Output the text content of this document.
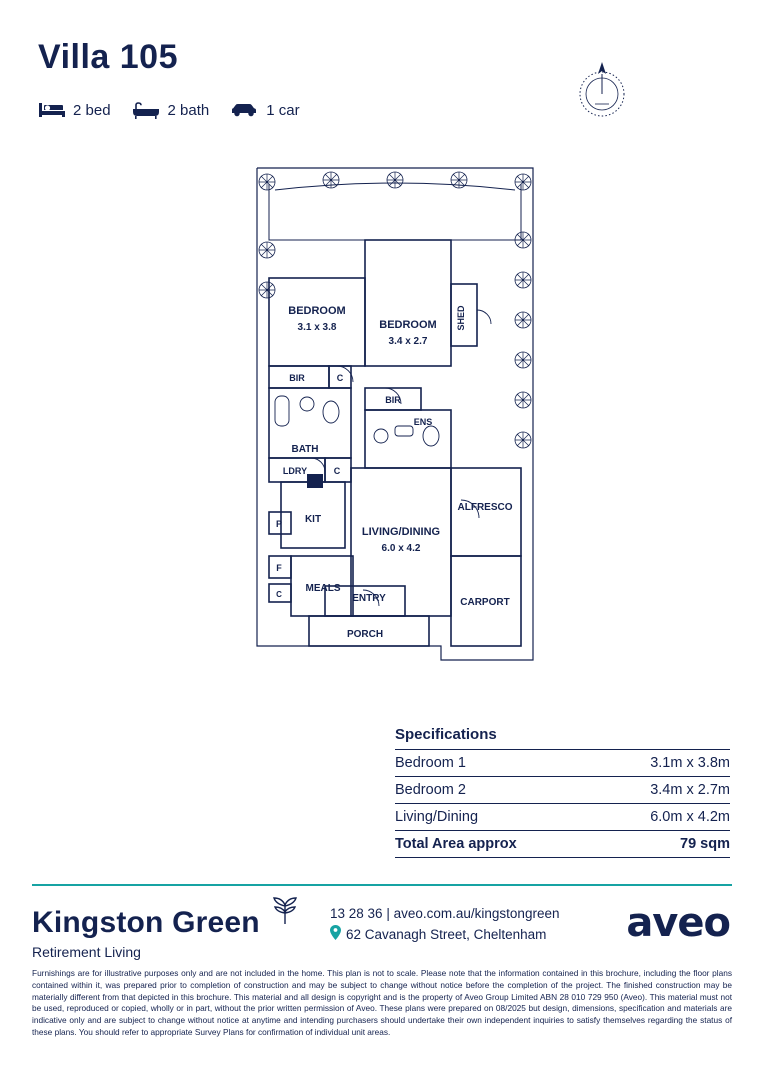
Villa 105
2 bed	2 bath	1 car
BEDROOM
3.1 x 3.8	BEDROOM
3.4 x 2.7
SHED
BIR	C
BIR
ENS
BATH
LDRY	C
KIT
P
F
C
MEALS
LIVING/DINING
6.0 x 4.2
ENTRY
PORCH
ALFRESCO
CARPORT
Specifications
Bedroom 1	3.1m x 3.8m
Bedroom 2	3.4m x 2.7m
Living/Dining	6.0m x 4.2m
Total Area approx	79 sqm
Kingston Green
Retirement Living
13 28 36 | aveo.com.au/kingstongreen
62 Cavanagh Street, Cheltenham aveo
Furnishings are for illustrative purposes only and are not included in the home. This plan is not to scale. Please note that the information contained in this brochure, including the floor plans contained within it, was prepared prior to completion of construction and may be subject to change without notice before the completion of the project. The finished construction may be materially different from that depicted in this brochure. This material and all design is copyright and is the property of Aveo Group Limited ABN 28 010 729 950 (Aveo). This material must not be used, reproduced or copied, wholly or in part, without the prior written permission of Aveo. These plans were prepared on 08/2025 but design, dimensions, specification and materials are indicative only and are subject to change without notice at anytime and intending purchasers should undertake their own independent inquiries to satisfy themselves regarding the status of these plans. You should refer to appropriate Survey Plans for confirmation of individual unit areas.
